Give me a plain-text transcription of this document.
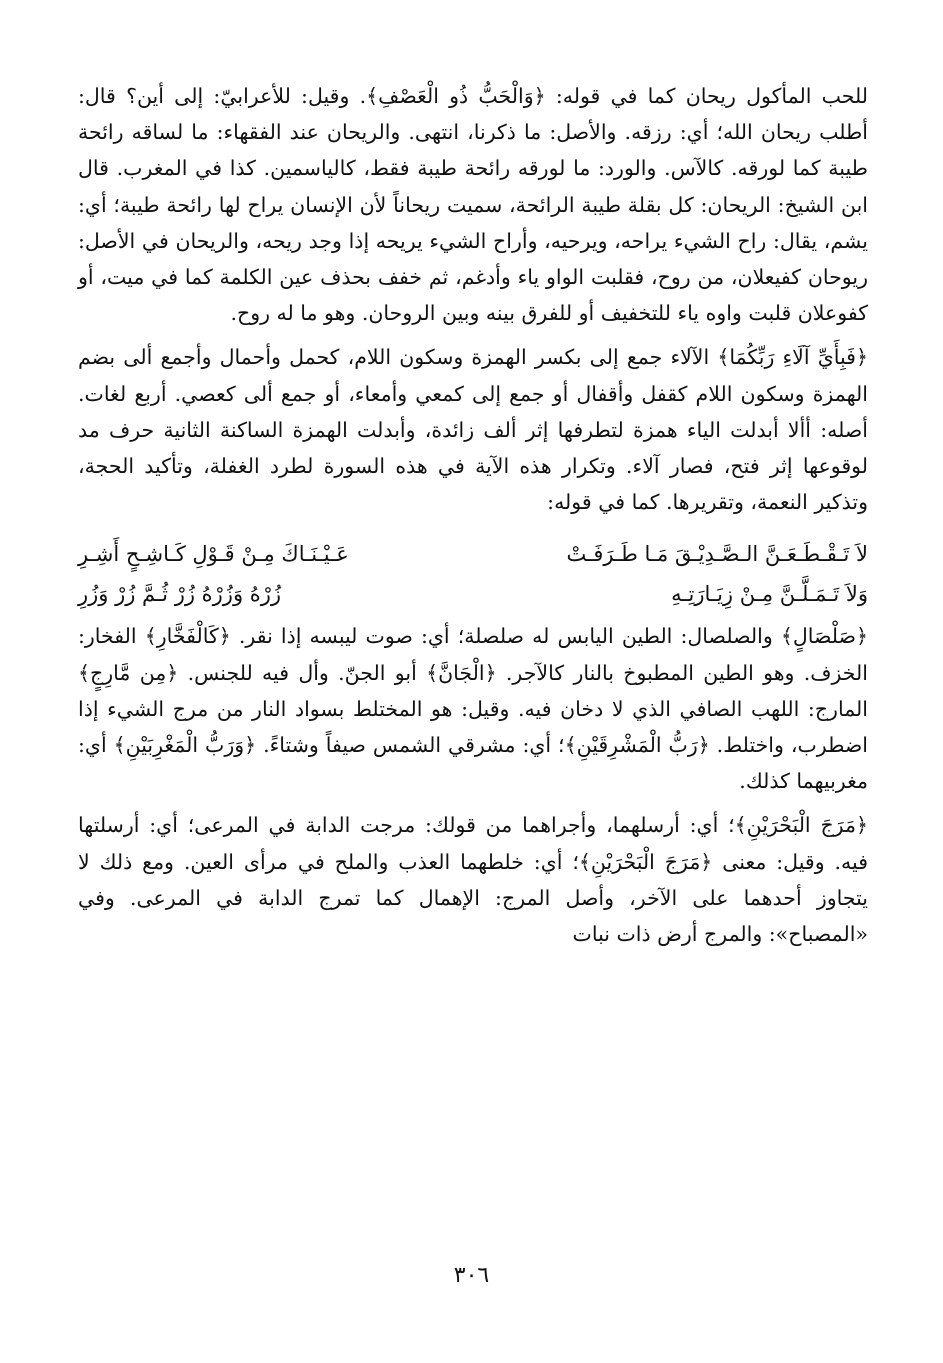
للحب المأكول ريحان كما في قوله: ﴿وَالْحَبُّ ذُو الْعَصْفِ﴾. وقيل: للأعرابيّ: إلى أين؟ قال: أطلب ريحان الله؛ أي: رزقه. والأصل: ما ذكرنا، انتهى. والريحان عند الفقهاء: ما لساقه رائحة طيبة كما لورقه. كالآس. والورد: ما لورقه رائحة طيبة فقط، كالياسمين. كذا في المغرب. قال ابن الشيخ: الريحان: كل بقلة طيبة الرائحة، سميت ريحاناً لأن الإنسان يراح لها رائحة طيبة؛ أي: يشم، يقال: راح الشيء يراحه، ويرحيه، وأراح الشيء يريحه إذا وجد ريحه، والريحان في الأصل: ريوحان كفيعلان، من روح، فقلبت الواو ياء وأدغم، ثم خفف بحذف عين الكلمة كما في ميت، أو كفوعلان قلبت واوه ياء للتخفيف أو للفرق بينه وبين الروحان. وهو ما له روح.

﴿فَبِأَيِّ آلَاءِ رَبِّكُمَا﴾ الآلاء جمع إلى بكسر الهمزة وسكون اللام، كحمل وأحمال وأجمع ألى بضم الهمزة وسكون اللام كقفل وأقفال أو جمع إلى كمعي وأمعاء، أو جمع ألى كعصي. أربع لغات. أصله: أألا أبدلت الياء همزة لتطرفها إثر ألف زائدة، وأبدلت الهمزة الساكنة الثانية حرف مد لوقوعها إثر فتح، فصار آلاء. وتكرار هذه الآية في هذه السورة لطرد الغفلة، وتأكيد الحجة، وتذكير النعمة، وتقريرها. كما في قوله:

لاَ تَـقْـطَـعَـنَّ الـصَّـدِيْـقَ مَـا طَـرَفَـتْ
عَـيْـنَـاكَ مِـنْ قَـوْلِ كَـاشِـحٍ أَشِـرِ
وَلاَ تَـمَـلَّـنَّ مِـنْ زِيَـارَتِـهِ
زُرْهُ وَزُرْهُ زُرْ ثُـمَّ زُرْ وَزُرِ

﴿صَلْصَالٍ﴾ والصلصال: الطين اليابس له صلصلة؛ أي: صوت ليبسه إذا نقر. ﴿كَالْفَخَّارِ﴾ الفخار: الخزف. وهو الطين المطبوخ بالنار كالآجر. ﴿الْجَانَّ﴾ أبو الجنّ. وأل فيه للجنس. ﴿مِن مَّارِجٍ﴾ المارج: اللهب الصافي الذي لا دخان فيه. وقيل: هو المختلط بسواد النار من مرج الشيء إذا اضطرب، واختلط. ﴿رَبُّ الْمَشْرِقَيْنِ﴾؛ أي: مشرقي الشمس صيفاً وشتاءً. ﴿وَرَبُّ الْمَغْرِبَيْنِ﴾ أي: مغربيهما كذلك.

﴿مَرَجَ الْبَحْرَيْنِ﴾؛ أي: أرسلهما، وأجراهما من قولك: مرجت الدابة في المرعى؛ أي: أرسلتها فيه. وقيل: معنى ﴿مَرَجَ الْبَحْرَيْنِ﴾؛ أي: خلطهما العذب والملح في مرأى العين. ومع ذلك لا يتجاوز أحدهما على الآخر، وأصل المرج: الإهمال كما تمرج الدابة في المرعى. وفي «المصباح»: والمرج أرض ذات نبات

٣٠٦
